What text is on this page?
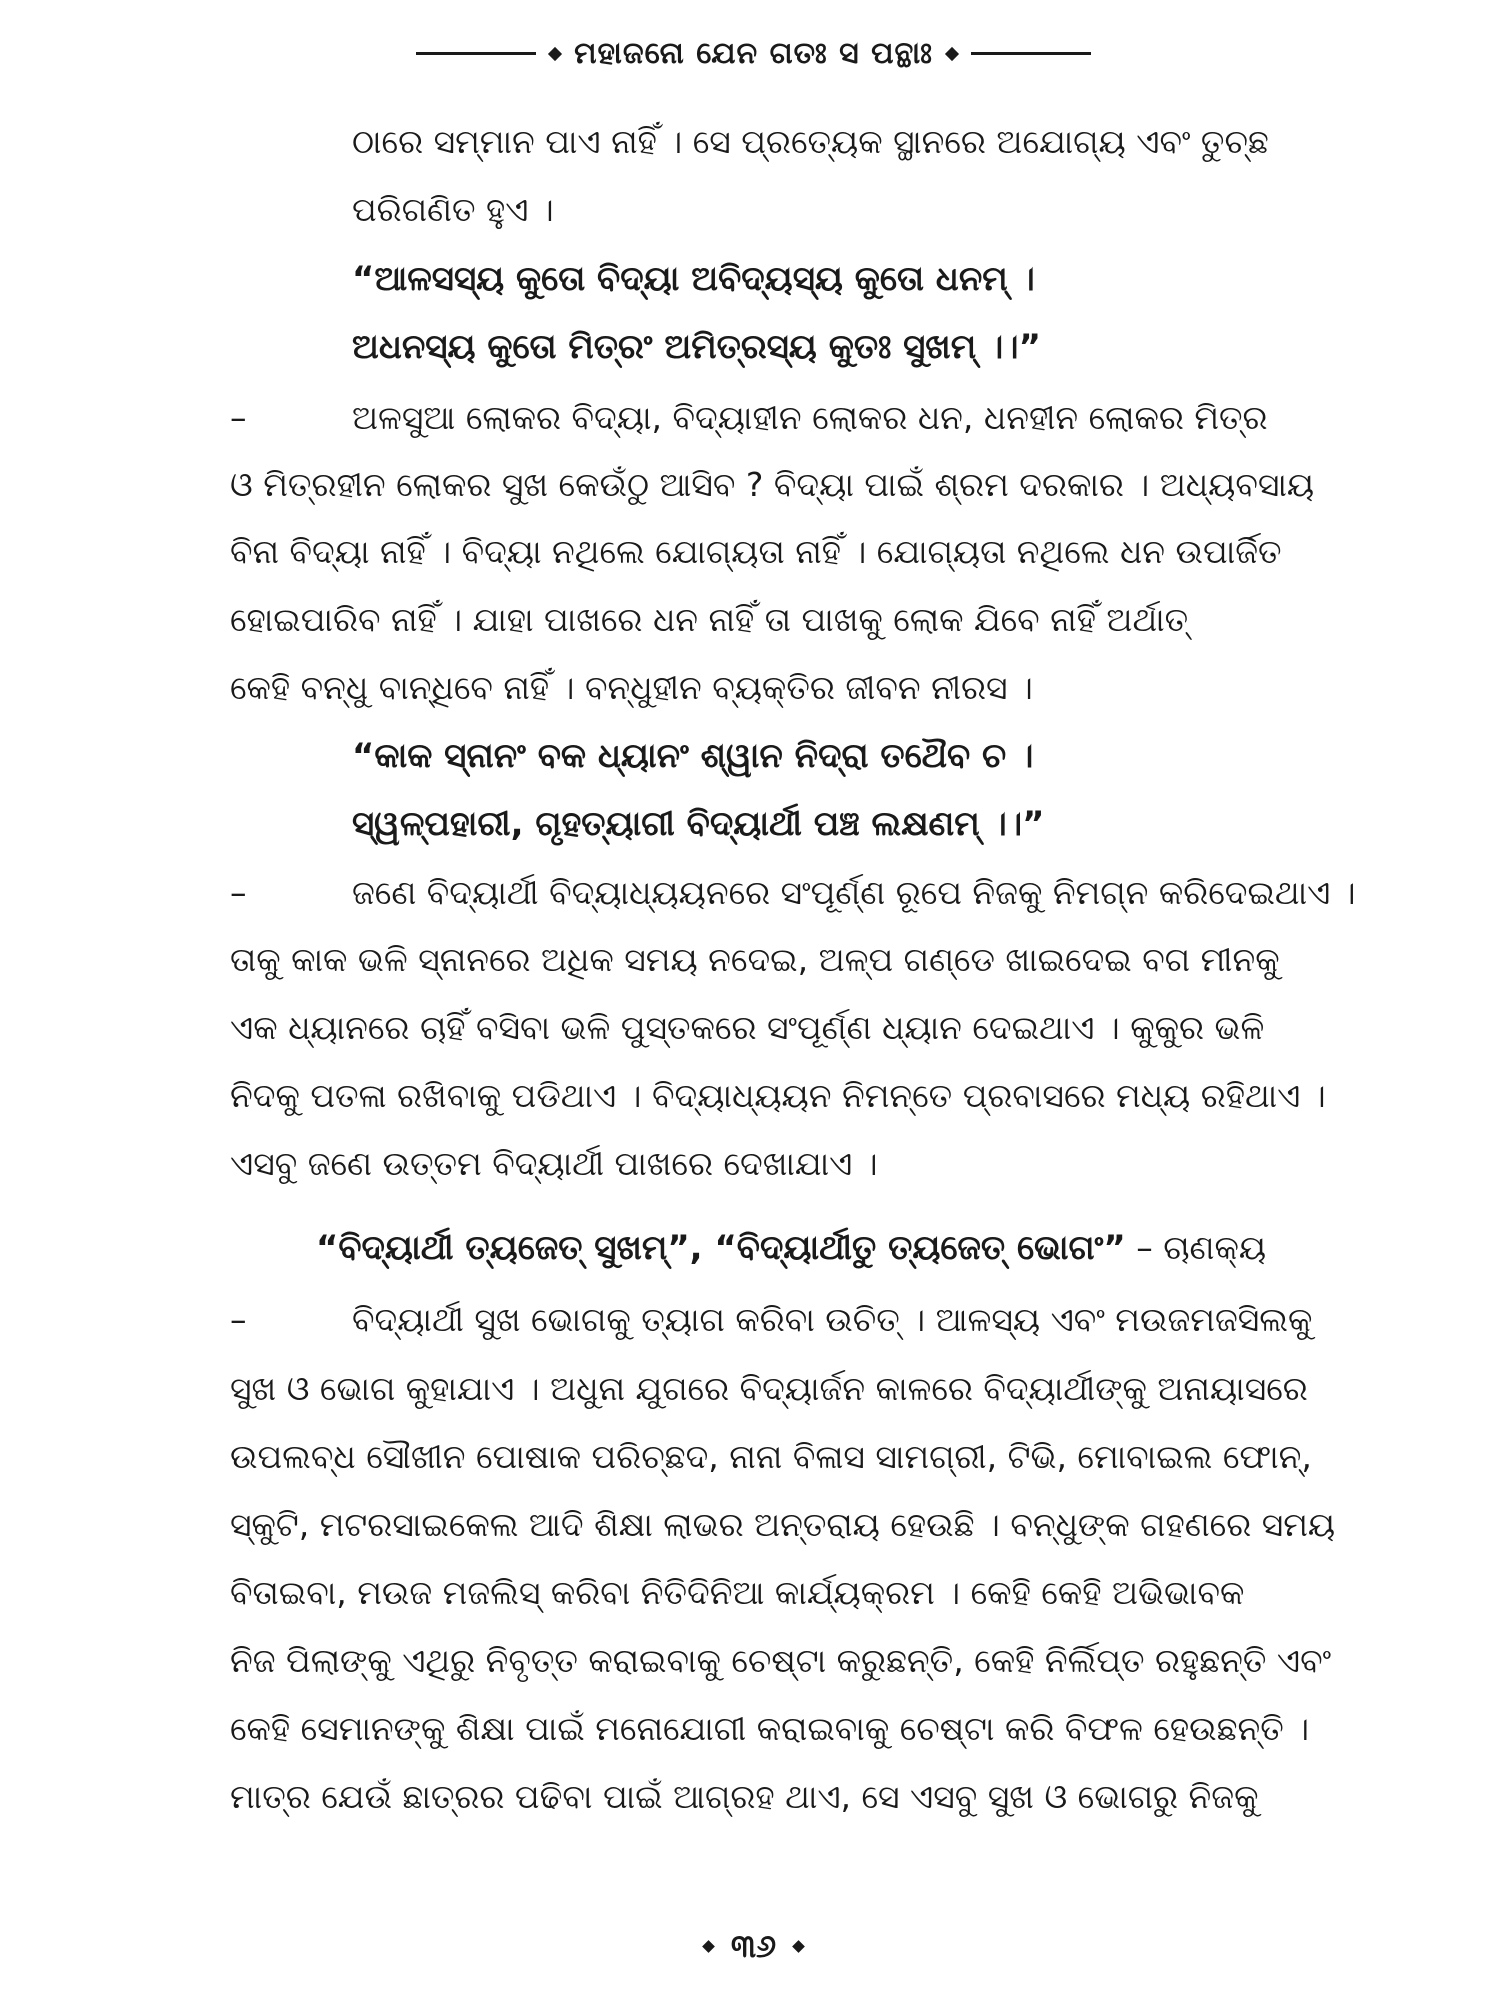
ମହାଜନୋ ଯେନ ଗତଃ ସ ପନ୍ଥାଃ
ଠାରେ ସମ୍ମାନ ପାଏ ନାହିଁ । ସେ ପ୍ରତ୍ୟେକ ସ୍ଥାନରେ ଅଯୋଗ୍ୟ ଏବଂ ତୁଚ୍ଛ
ପରିଗଣିତ ହୁଏ ।
“ଆଳସସ୍ୟ କୁତୋ ବିଦ୍ୟା ଅବିଦ୍ୟସ୍ୟ କୁତୋ ଧନମ୍ ।
ଅଧନସ୍ୟ କୁତୋ ମିତ୍ରଂ ଅମିତ୍ରସ୍ୟ କୁତଃ ସୁଖମ୍ ।।”
–	ଅଳସୁଆ ଲୋକର ବିଦ୍ୟା, ବିଦ୍ୟାହୀନ ଲୋକର ଧନ, ଧନହୀନ ଲୋକର ମିତ୍ର
ଓ ମିତ୍ରହୀନ ଲୋକର ସୁଖ କେଉଁଠୁ ଆସିବ ? ବିଦ୍ୟା ପାଇଁ ଶ୍ରମ ଦରକାର । ଅଧ୍ୟବସାୟ
ବିନା ବିଦ୍ୟା ନାହିଁ । ବିଦ୍ୟା ନଥିଲେ ଯୋଗ୍ୟତା ନାହିଁ । ଯୋଗ୍ୟତା ନଥିଲେ ଧନ ଉପାର୍ଜିତ
ହୋଇପାରିବ ନାହିଁ । ଯାହା ପାଖରେ ଧନ ନାହିଁ ତା ପାଖକୁ ଲୋକ ଯିବେ ନାହିଁ ଅର୍ଥାତ୍
କେହି ବନ୍ଧୁ ବାନ୍ଧିବେ ନାହିଁ । ବନ୍ଧୁହୀନ ବ୍ୟକ୍ତିର ଜୀବନ ନୀରସ ।
“କାକ ସ୍ନାନଂ ବକ ଧ୍ୟାନଂ ଶ୍ୱାନ ନିଦ୍ରା ତଥୈବ ଚ ।
ସ୍ୱଳ୍ପହାରୀ, ଗୃହତ୍ୟାଗୀ ବିଦ୍ୟାର୍ଥୀ ପଞ୍ଚ ଲକ୍ଷଣମ୍ ।।”
–	ଜଣେ ବିଦ୍ୟାର୍ଥୀ ବିଦ୍ୟାଧ୍ୟୟନରେ ସଂପୂର୍ଣ୍ଣ ରୂପେ ନିଜକୁ ନିମଗ୍ନ କରିଦେଇଥାଏ ।
ତାକୁ କାକ ଭଳି ସ୍ନାନରେ ଅଧିକ ସମୟ ନଦେଇ, ଅଳ୍ପ ଗଣ୍ଡେ ଖାଇଦେଇ ବଗ ମୀନକୁ
ଏକ ଧ୍ୟାନରେ ଚାହିଁ ବସିବା ଭଳି ପୁସ୍ତକରେ ସଂପୂର୍ଣ୍ଣ ଧ୍ୟାନ ଦେଇଥାଏ । କୁକୁର ଭଳି
ନିଦକୁ ପତଳା ରଖିବାକୁ ପଡିଥାଏ । ବିଦ୍ୟାଧ୍ୟୟନ ନିମନ୍ତେ ପ୍ରବାସରେ ମଧ୍ୟ ରହିଥାଏ ।
ଏସବୁ ଜଣେ ଉତ୍ତମ ବିଦ୍ୟାର୍ଥୀ ପାଖରେ ଦେଖାଯାଏ ।
“ବିଦ୍ୟାର୍ଥୀ ତ୍ୟଜେତ୍ ସୁଖମ୍”, “ବିଦ୍ୟାର୍ଥୀତୁ ତ୍ୟଜେତ୍ ଭୋଗଂ” – ଚାଣକ୍ୟ
–	ବିଦ୍ୟାର୍ଥୀ ସୁଖ ଭୋଗକୁ ତ୍ୟାଗ କରିବା ଉଚିତ୍ । ଆଳସ୍ୟ ଏବଂ ମଉଜମଜସିଲକୁ
ସୁଖ ଓ ଭୋଗ କୁହାଯାଏ । ଅଧୁନା ଯୁଗରେ ବିଦ୍ୟାର୍ଜନ କାଳରେ ବିଦ୍ୟାର୍ଥୀଙ୍କୁ ଅନାୟାସରେ
ଉପଲବ୍ଧ ସୌଖୀନ ପୋଷାକ ପରିଚ୍ଛଦ, ନାନା ବିଳାସ ସାମଗ୍ରୀ, ଟିଭି, ମୋବାଇଲ ଫୋନ୍,
ସ୍କୁଟି, ମଟରସାଇକେଲ ଆଦି ଶିକ୍ଷା ଲାଭର ଅନ୍ତରାୟ ହେଉଛି । ବନ୍ଧୁଙ୍କ ଗହଣରେ ସମୟ
ବିତାଇବା, ମଉଜ ମଜଲିସ୍ କରିବା ନିତିଦିନିଆ କାର୍ଯ୍ୟକ୍ରମ । କେହି କେହି ଅଭିଭାବକ
ନିଜ ପିଲାଙ୍କୁ ଏଥିରୁ ନିବୃତ୍ତ କରାଇବାକୁ ଚେଷ୍ଟା କରୁଛନ୍ତି, କେହି ନିର୍ଲିପ୍ତ ରହୁଛନ୍ତି ଏବଂ
କେହି ସେମାନଙ୍କୁ ଶିକ୍ଷା ପାଇଁ ମନୋଯୋଗୀ କରାଇବାକୁ ଚେଷ୍ଟା କରି ବିଫଳ ହେଉଛନ୍ତି ।
ମାତ୍ର ଯେଉଁ ଛାତ୍ରର ପଢିବା ପାଇଁ ଆଗ୍ରହ ଥାଏ, ସେ ଏସବୁ ସୁଖ ଓ ଭୋଗରୁ ନିଜକୁ
୩୬
